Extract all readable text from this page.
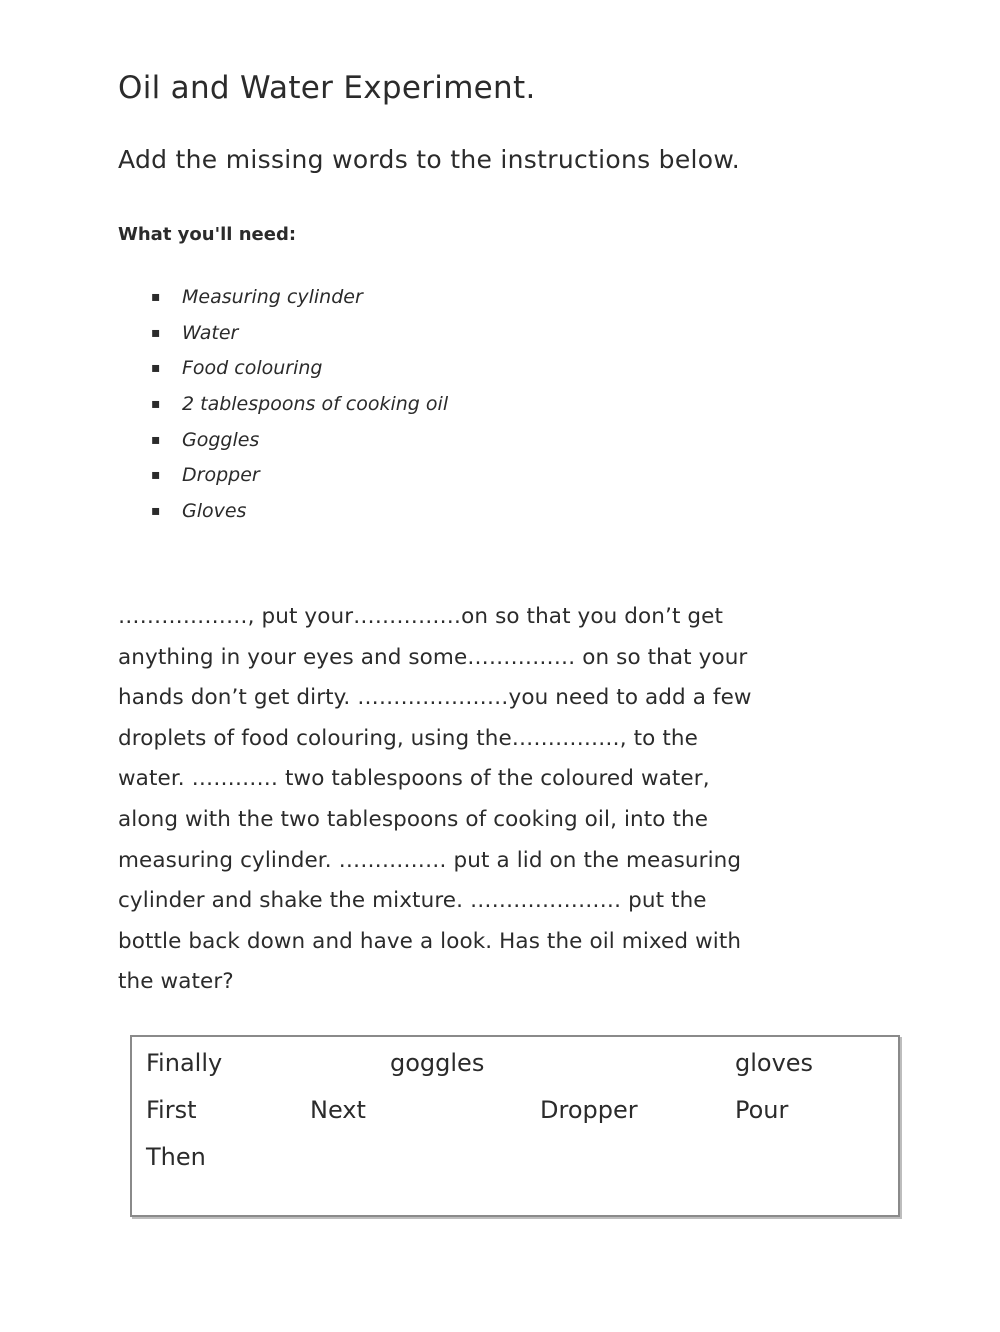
Oil and Water Experiment.
Add the missing words to the instructions below.
What you'll need:
▪ Measuring cylinder
▪ Water
▪ Food colouring
▪ 2 tablespoons of cooking oil
▪ Goggles
▪ Dropper
▪ Gloves
………………, put your……………on so that you don’t get
anything in your eyes and some…………… on so that your
hands don’t get dirty. …………………you need to add a few
droplets of food colouring, using the……………, to the
water. ………… two tablespoons of the coloured water,
along with the two tablespoons of cooking oil, into the
measuring cylinder. …………… put a lid on the measuring
cylinder and shake the mixture. ………………… put the
bottle back down and have a look. Has the oil mixed with
the water?
Finally	goggles	gloves
First	Next	Dropper	Pour
Then
